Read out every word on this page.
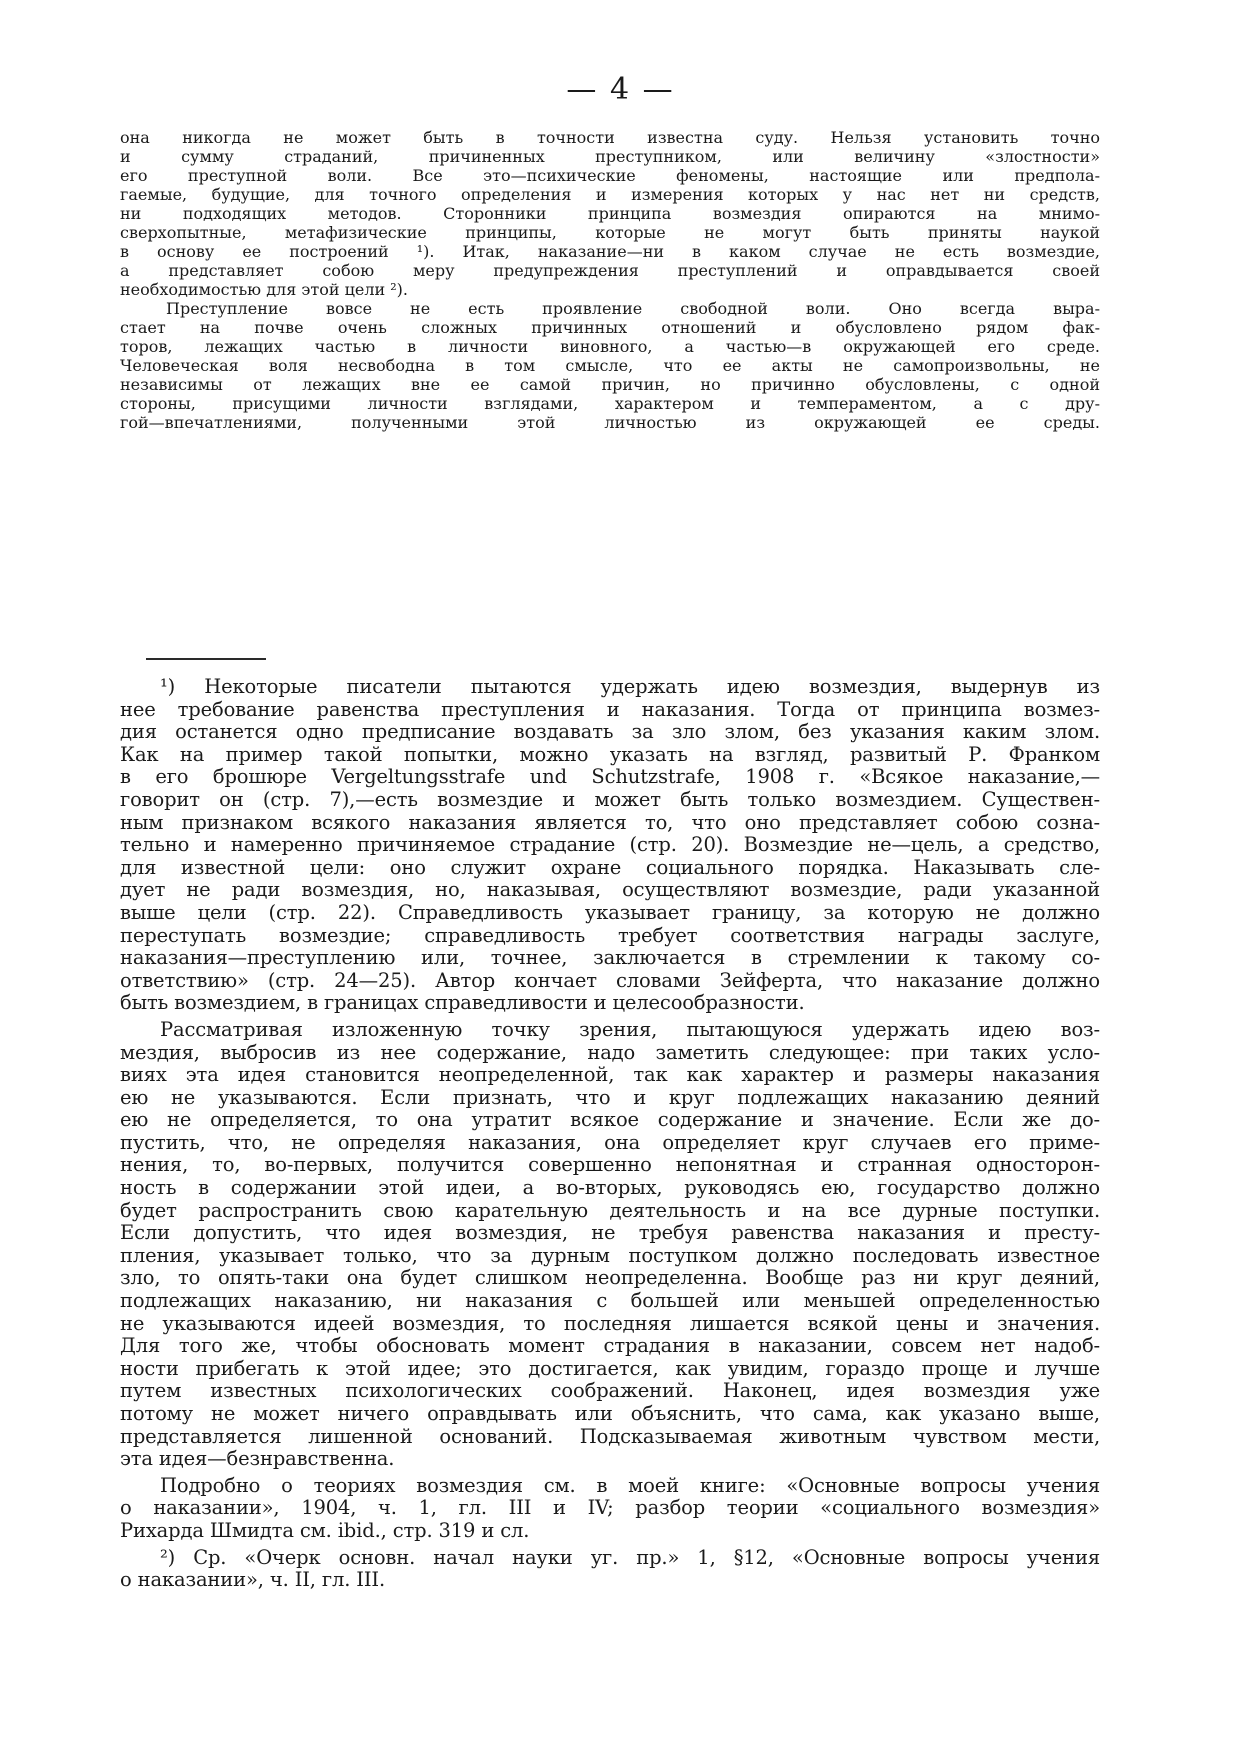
— 4 —
она никогда не может быть в точности известна суду. Нельзя установить точно
и сумму страданий, причиненных преступником, или величину «злостности»
его преступной воли. Все это—психические феномены, настоящие или предпола-
гаемые, будущие, для точного определения и измерения которых у нас нет ни средств,
ни подходящих методов. Сторонники принципа возмездия опираются на мнимо-
сверхопытные, метафизические принципы, которые не могут быть приняты наукой
в основу ее построений ¹). Итак, наказание—ни в каком случае не есть возмездие,
а представляет собою меру предупреждения преступлений и оправдывается своей
необходимостью для этой цели ²).
Преступление вовсе не есть проявление свободной воли. Оно всегда выра-
стает на почве очень сложных причинных отношений и обусловлено рядом фак-
торов, лежащих частью в личности виновного, а частью—в окружающей его среде.
Человеческая воля несвободна в том смысле, что ее акты не самопроизвольны, не
независимы от лежащих вне ее самой причин, но причинно обусловлены, с одной
стороны, присущими личности взглядами, характером и темпераментом, а с дру-
гой—впечатлениями, полученными этой личностью из окружающей ее среды.
¹) Некоторые писатели пытаются удержать идею возмездия, выдернув из
нее требование равенства преступления и наказания. Тогда от принципа возмез-
дия останется одно предписание воздавать за зло злом, без указания каким злом.
Как на пример такой попытки, можно указать на взгляд, развитый Р. Франком
в его брошюре Vergeltungsstrafe und Schutzstrafe, 1908 г. «Всякое наказание,—
говорит он (стр. 7),—есть возмездие и может быть только возмездием. Существен-
ным признаком всякого наказания является то, что оно представляет собою созна-
тельно и намеренно причиняемое страдание (стр. 20). Возмездие не—цель, а средство,
для известной цели: оно служит охране социального порядка. Наказывать сле-
дует не ради возмездия, но, наказывая, осуществляют возмездие, ради указанной
выше цели (стр. 22). Справедливость указывает границу, за которую не должно
переступать возмездие; справедливость требует соответствия награды заслуге,
наказания—преступлению или, точнее, заключается в стремлении к такому со-
ответствию» (стр. 24—25). Автор кончает словами Зейферта, что наказание должно
быть возмездием, в границах справедливости и целесообразности.
Рассматривая изложенную точку зрения, пытающуюся удержать идею воз-
мездия, выбросив из нее содержание, надо заметить следующее: при таких усло-
виях эта идея становится неопределенной, так как характер и размеры наказания
ею не указываются. Если признать, что и круг подлежащих наказанию деяний
ею не определяется, то она утратит всякое содержание и значение. Если же до-
пустить, что, не определяя наказания, она определяет круг случаев его приме-
нения, то, во-первых, получится совершенно непонятная и странная односторон-
ность в содержании этой идеи, а во-вторых, руководясь ею, государство должно
будет распространить свою карательную деятельность и на все дурные поступки.
Если допустить, что идея возмездия, не требуя равенства наказания и престу-
пления, указывает только, что за дурным поступком должно последовать известное
зло, то опять-таки она будет слишком неопределенна. Вообще раз ни круг деяний,
подлежащих наказанию, ни наказания с большей или меньшей определенностью
не указываются идеей возмездия, то последняя лишается всякой цены и значения.
Для того же, чтобы обосновать момент страдания в наказании, совсем нет надоб-
ности прибегать к этой идее; это достигается, как увидим, гораздо проще и лучше
путем известных психологических соображений. Наконец, идея возмездия уже
потому не может ничего оправдывать или объяснить, что сама, как указано выше,
представляется лишенной оснований. Подсказываемая животным чувством мести,
эта идея—безнравственна.
Подробно о теориях возмездия см. в моей книге: «Основные вопросы учения
о наказании», 1904, ч. 1, гл. III и IV; разбор теории «социального возмездия»
Рихарда Шмидта см. ibid., стр. 319 и сл.
²) Ср. «Очерк основн. начал науки уг. пр.» 1, §12, «Основные вопросы учения
о наказании», ч. II, гл. III.
